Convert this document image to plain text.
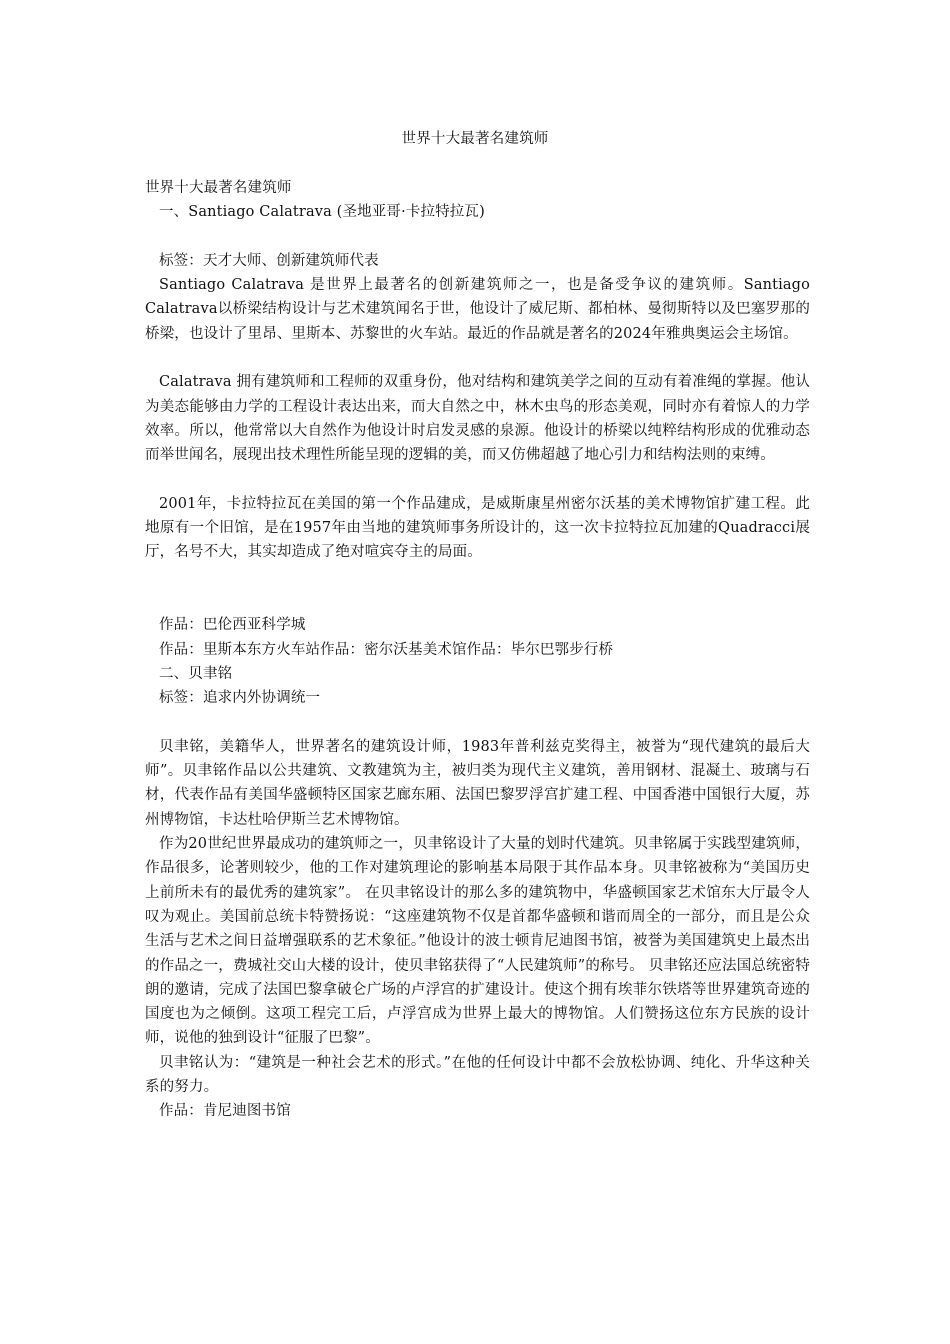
世界十大最著名建筑师

世界十大最著名建筑师

一、Santiago Calatrava (圣地亚哥·卡拉特拉瓦)

标签：天才大师、创新建筑师代表

Santiago Calatrava 是世界上最著名的创新建筑师之一，也是备受争议的建筑师。Santiago Calatrava以桥梁结构设计与艺术建筑闻名于世，他设计了威尼斯、都柏林、曼彻斯特以及巴塞罗那的桥梁，也设计了里昂、里斯本、苏黎世的火车站。最近的作品就是著名的2024年雅典奥运会主场馆。

Calatrava 拥有建筑师和工程师的双重身份，他对结构和建筑美学之间的互动有着准绳的掌握。他认为美态能够由力学的工程设计表达出来，而大自然之中，林木虫鸟的形态美观，同时亦有着惊人的力学效率。所以，他常常以大自然作为他设计时启发灵感的泉源。他设计的桥梁以纯粹结构形成的优雅动态而举世闻名，展现出技术理性所能呈现的逻辑的美，而又仿佛超越了地心引力和结构法则的束缚。

2001年，卡拉特拉瓦在美国的第一个作品建成，是威斯康星州密尔沃基的美术博物馆扩建工程。此地原有一个旧馆，是在1957年由当地的建筑师事务所设计的，这一次卡拉特拉瓦加建的Quadracci展厅，名号不大，其实却造成了绝对喧宾夺主的局面。

作品：巴伦西亚科学城

作品：里斯本东方火车站作品：密尔沃基美术馆作品：毕尔巴鄂步行桥

二、贝聿铭

标签：追求内外协调统一

贝聿铭，美籍华人，世界著名的建筑设计师，1983年普利兹克奖得主，被誉为“现代建筑的最后大师”。贝聿铭作品以公共建筑、文教建筑为主，被归类为现代主义建筑，善用钢材、混凝土、玻璃与石材，代表作品有美国华盛顿特区国家艺廊东厢、法国巴黎罗浮宫扩建工程、中国香港中国银行大厦，苏州博物馆，卡达杜哈伊斯兰艺术博物馆。

作为20世纪世界最成功的建筑师之一，贝聿铭设计了大量的划时代建筑。贝聿铭属于实践型建筑师，作品很多，论著则较少，他的工作对建筑理论的影响基本局限于其作品本身。贝聿铭被称为“美国历史上前所未有的最优秀的建筑家”。 在贝聿铭设计的那么多的建筑物中，华盛顿国家艺术馆东大厅最令人叹为观止。美国前总统卡特赞扬说：“这座建筑物不仅是首都华盛顿和谐而周全的一部分，而且是公众生活与艺术之间日益增强联系的艺术象征。”他设计的波士顿肯尼迪图书馆，被誉为美国建筑史上最杰出的作品之一，费城社交山大楼的设计，使贝聿铭获得了“人民建筑师”的称号。 贝聿铭还应法国总统密特朗的邀请，完成了法国巴黎拿破仑广场的卢浮宫的扩建设计。使这个拥有埃菲尔铁塔等世界建筑奇迹的国度也为之倾倒。这项工程完工后，卢浮宫成为世界上最大的博物馆。人们赞扬这位东方民族的设计师，说他的独到设计“征服了巴黎”。

贝聿铭认为：“建筑是一种社会艺术的形式。”在他的任何设计中都不会放松协调、纯化、升华这种关系的努力。

作品：肯尼迪图书馆
